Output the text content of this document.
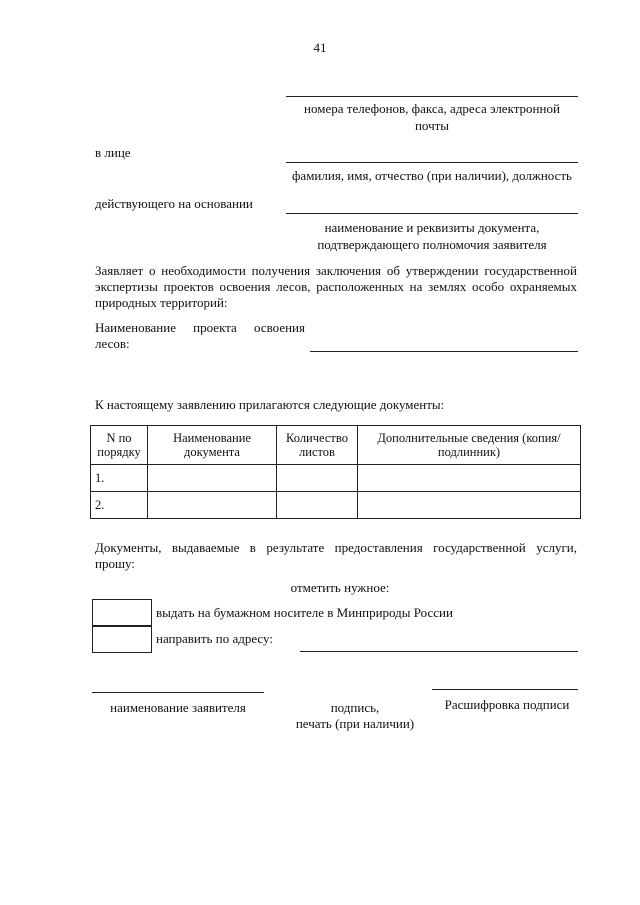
41
номера телефонов, факса, адреса электронной почты
в лице
фамилия, имя, отчество (при наличии), должность
действующего на основании
наименование и реквизиты документа,
подтверждающего полномочия заявителя
Заявляет о необходимости получения заключения об утверждении государственной экспертизы проектов освоения лесов, расположенных на землях особо охраняемых природных территорий:
Наименование проекта освоения
лесов:
К настоящему заявлению прилагаются следующие документы:
N по порядку	Наименование документа	Количество листов	Дополнительные сведения (копия/подлинник)
1.			
2.			
Документы, выдаваемые в результате предоставления государственной услуги,
прошу:
отметить нужное:
выдать на бумажном носителе в Минприроды России
направить по адресу:
наименование заявителя	подпись,
печать (при наличии)
Расшифровка подписи
